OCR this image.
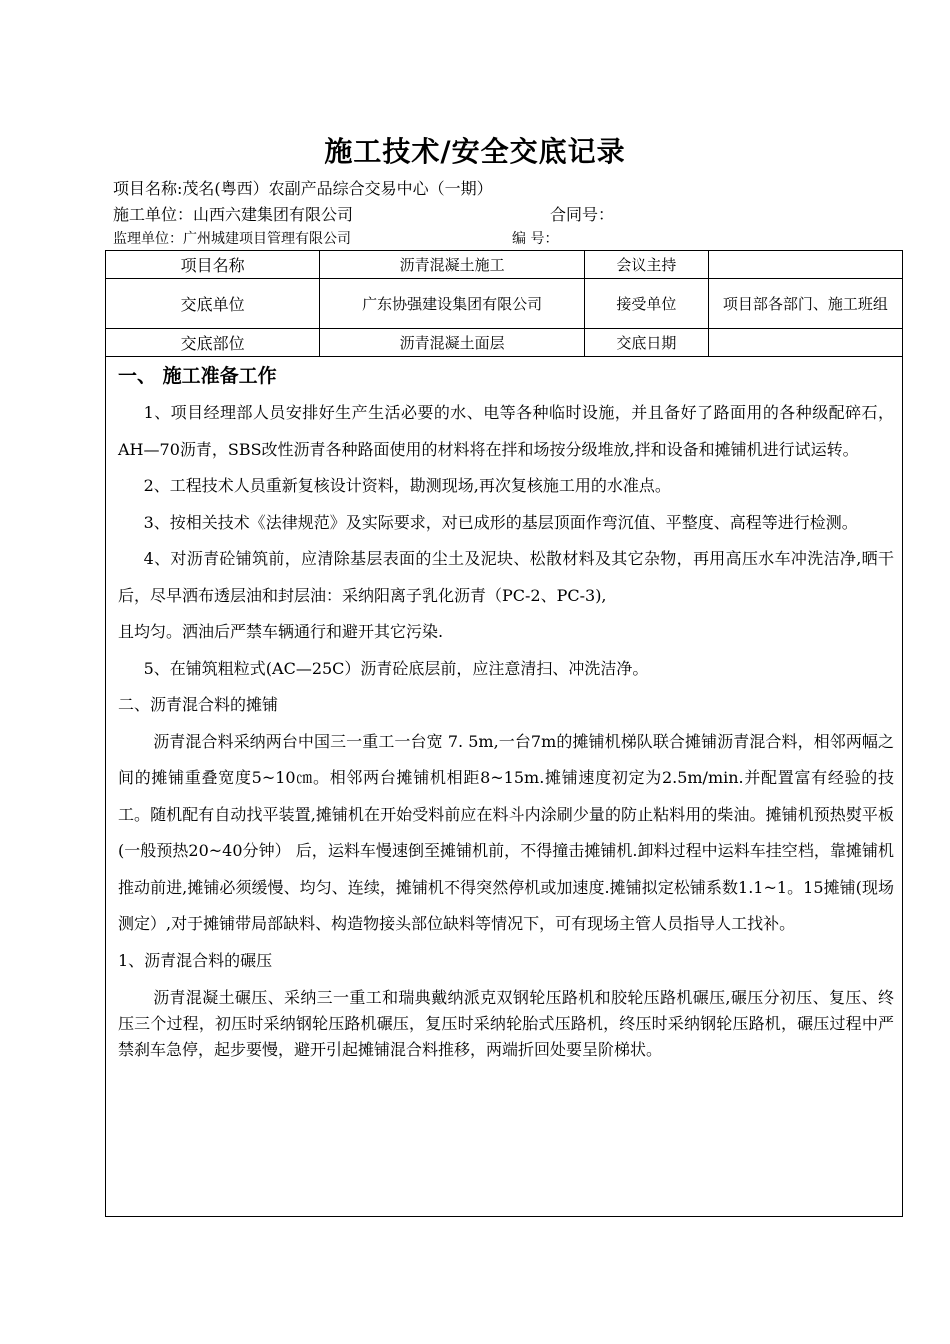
施工技术/安全交底记录
项目名称:茂名(粤西）农副产品综合交易中心（一期）
施工单位：山西六建集团有限公司	合同号：
监理单位：广州城建项目管理有限公司	编 号：
项目名称	沥青混凝土施工	会议主持	
交底单位	广东协强建设集团有限公司	接受单位	项目部各部门、施工班组
交底部位	沥青混凝土面层	交底日期	
一、 施工准备工作

1、项目经理部人员安排好生产生活必要的水、电等各种临时设施，并且备好了路面用的各种级配碎石，AH—70沥青，SBS改性沥青各种路面使用的材料将在拌和场按分级堆放,拌和设备和摊铺机进行试运转。

2、工程技术人员重新复核设计资料，勘测现场,再次复核施工用的水准点。

3、按相关技术《法律规范》及实际要求，对已成形的基层顶面作弯沉值、平整度、高程等进行检测。

4、对沥青砼铺筑前，应清除基层表面的尘土及泥块、松散材料及其它杂物，再用高压水车冲洗洁净,晒干后，尽早洒布透层油和封层油：采纳阳离子乳化沥青（PC-2、PC-3),

且均匀。洒油后严禁车辆通行和避开其它污染.

5、在铺筑粗粒式(AC—25C）沥青砼底层前，应注意清扫、冲洗洁净。

二、沥青混合料的摊铺

沥青混合料采纳两台中国三一重工一台宽 7. 5m,一台7m的摊铺机梯队联合摊铺沥青混合料，相邻两幅之间的摊铺重叠宽度5~10㎝。相邻两台摊铺机相距8~15m.摊铺速度初定为2.5m/min.并配置富有经验的技工。随机配有自动找平装置,摊铺机在开始受料前应在料斗内涂刷少量的防止粘料用的柴油。摊铺机预热熨平板 (一般预热20~40分钟） 后，运料车慢速倒至摊铺机前，不得撞击摊铺机.卸料过程中运料车挂空档，靠摊铺机推动前进,摊铺必须缓慢、均匀、连续，摊铺机不得突然停机或加速度.摊铺拟定松铺系数1.1~1。15摊铺(现场测定）,对于摊铺带局部缺料、构造物接头部位缺料等情况下，可有现场主管人员指导人工找补。

1、沥青混合料的碾压

沥青混凝土碾压、采纳三一重工和瑞典戴纳派克双钢轮压路机和胶轮压路机碾压,碾压分初压、复压、终压三个过程，初压时采纳钢轮压路机碾压，复压时采纳轮胎式压路机，终压时采纳钢轮压路机，碾压过程中严禁刹车急停，起步要慢，避开引起摊铺混合料推移，两端折回处要呈阶梯状。
